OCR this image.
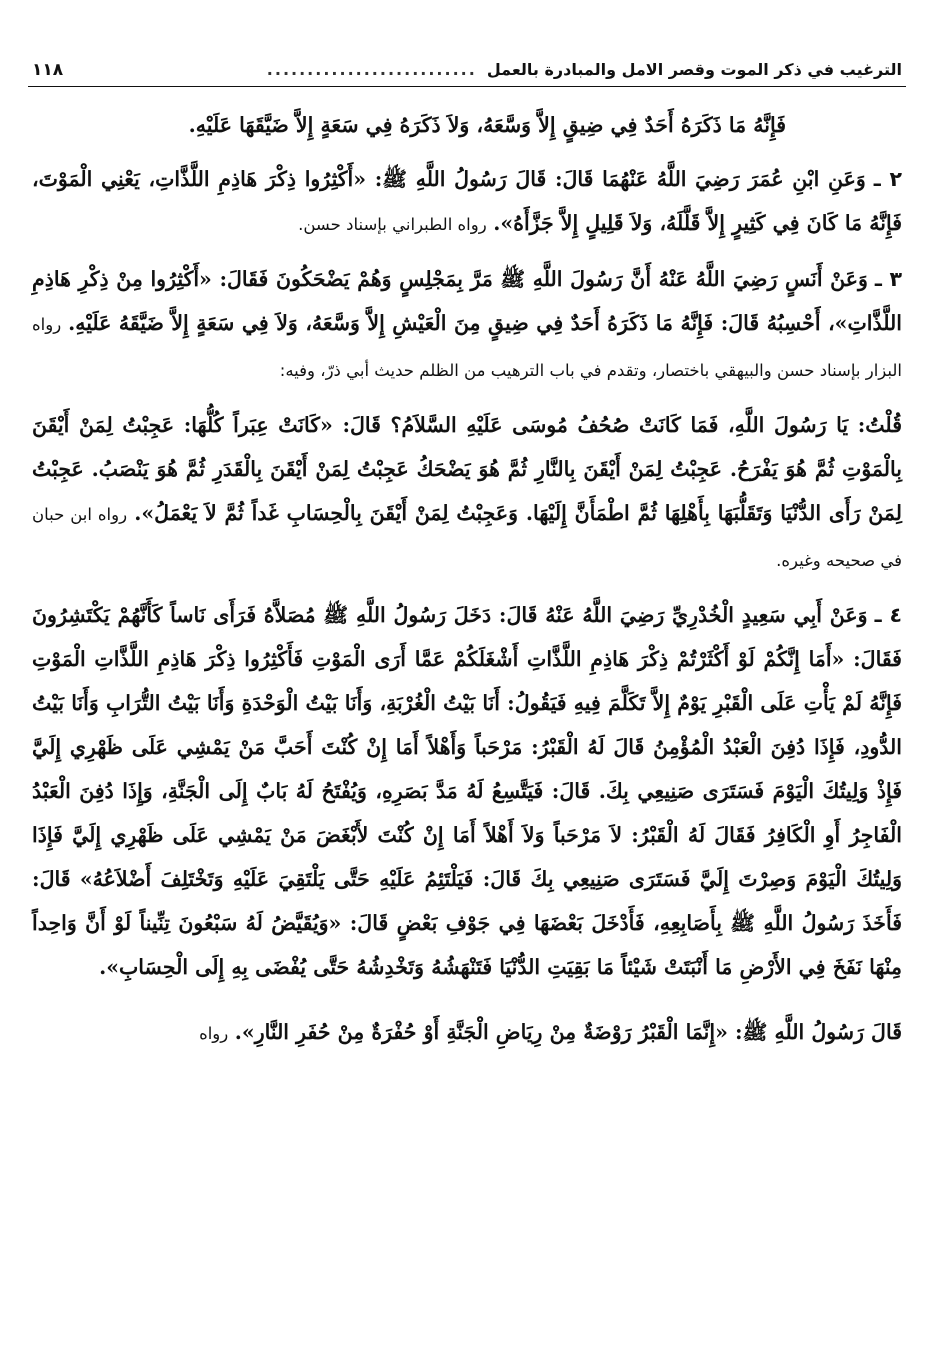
الترغيب في ذكر الموت وقصر الامل والمبادرة بالعمل
..........................
١١٨

فَإِنَّهُ مَا ذَكَرَهُ أَحَدٌ فِي ضِيقٍ إِلاَّ وَسَّعَهُ، وَلاَ ذَكَرَهُ فِي سَعَةٍ إِلاَّ ضَيَّقَهَا عَلَيْهِ.

٢ ـ وَعَنِ ابْنِ عُمَرَ رَضِيَ اللَّهُ عَنْهُمَا قَالَ: قَالَ رَسُولُ اللَّهِ ﷺ: «أَكْثِرُوا ذِكْرَ هَاذِمِ اللَّذَّاتِ، يَعْنِي الْمَوْتَ، فَإِنَّهُ مَا كَانَ فِي كَثِيرٍ إِلاَّ قَلَّلَهُ، وَلاَ قَلِيلٍ إِلاَّ جَزَّأَهُ». رواه الطبراني بإسناد حسن.

٣ ـ وَعَنْ أَنَسٍ رَضِيَ اللَّهُ عَنْهُ أَنَّ رَسُولَ اللَّهِ ﷺ مَرَّ بِمَجْلِسٍ وَهُمْ يَضْحَكُونَ فَقَالَ: «أَكْثِرُوا مِنْ ذِكْرِ هَاذِمِ اللَّذَّاتِ»، أَحْسِبُهُ قَالَ: فَإِنَّهُ مَا ذَكَرَهُ أَحَدٌ فِي ضِيقٍ مِنَ الْعَيْشِ إِلاَّ وَسَّعَهُ، وَلاَ فِي سَعَةٍ إِلاَّ ضَيَّقَهُ عَلَيْهِ. رواه البزار بإسناد حسن والبيهقي باختصار، وتقدم في باب الترهيب من الظلم حديث أبي ذرّ، وفيه:

قُلْتُ: يَا رَسُولَ اللَّهِ، فَمَا كَانَتْ صُحُفُ مُوسَى عَلَيْهِ السَّلاَمُ؟ قَالَ: «كَانَتْ عِبَراً كُلُّهَا: عَجِبْتُ لِمَنْ أَيْقَنَ بِالْمَوْتِ ثُمَّ هُوَ يَفْرَحُ. عَجِبْتُ لِمَنْ أَيْقَنَ بِالنَّارِ ثُمَّ هُوَ يَضْحَكُ عَجِبْتُ لِمَنْ أَيْقَنَ بِالْقَدَرِ ثُمَّ هُوَ يَنْصَبُ. عَجِبْتُ لِمَنْ رَأَى الدُّنْيَا وَتَقَلُّبَهَا بِأَهْلِهَا ثُمَّ اطْمَأَنَّ إِلَيْهَا. وَعَجِبْتُ لِمَنْ أَيْقَنَ بِالْحِسَابِ غَداً ثُمَّ لاَ يَعْمَلُ». رواه ابن حبان في صحيحه وغيره.

٤ ـ وَعَنْ أَبِي سَعِيدٍ الْخُدْرِيِّ رَضِيَ اللَّهُ عَنْهُ قَالَ: دَخَلَ رَسُولُ اللَّهِ ﷺ مُصَلاَّهُ فَرَأَى نَاساً كَأَنَّهُمْ يَكْتَشِرُونَ فَقَالَ: «أَمَا إِنَّكُمْ لَوْ أَكْثَرْتُمْ ذِكْرَ هَاذِمِ اللَّذَّاتِ أَشْغَلَكُمْ عَمَّا أَرَى الْمَوْتِ فَأَكْثِرُوا ذِكْرَ هَاذِمِ اللَّذَّاتِ الْمَوْتِ فَإِنَّهُ لَمْ يَأْتِ عَلَى الْقَبْرِ يَوْمٌ إِلاَّ تَكَلَّمَ فِيهِ فَيَقُولُ: أَنَا بَيْتُ الْغُرْبَةِ، وَأَنَا بَيْتُ الْوَحْدَةِ وَأَنَا بَيْتُ التُّرَابِ وَأَنَا بَيْتُ الدُّودِ، فَإِذَا دُفِنَ الْعَبْدُ الْمُؤْمِنُ قَالَ لَهُ الْقَبْرُ: مَرْحَباً وَأَهْلاً أَمَا إِنْ كُنْتَ أَحَبَّ مَنْ يَمْشِي عَلَى ظَهْرِي إِلَيَّ فَإِذْ وَلِيتُكَ الْيَوْمَ فَسَتَرَى صَنِيعِي بِكَ. قَالَ: فَيَتَّسِعُ لَهُ مَدَّ بَصَرِهِ، وَيُفْتَحُ لَهُ بَابٌ إِلَى الْجَنَّةِ، وَإِذَا دُفِنَ الْعَبْدُ الْفَاجِرُ أَوِ الْكَافِرُ فَقَالَ لَهُ الْقَبْرُ: لاَ مَرْحَباً وَلاَ أَهْلاً أَمَا إِنْ كُنْتَ لأَبْغَضَ مَنْ يَمْشِي عَلَى ظَهْرِي إِلَيَّ فَإِذَا وَلِيتُكَ الْيَوْمَ وَصِرْتَ إِلَيَّ فَسَتَرَى صَنِيعِي بِكَ قَالَ: فَيَلْتَئِمُ عَلَيْهِ حَتَّى يَلْتَقِيَ عَلَيْهِ وَتَخْتَلِفَ أَضْلاَعُهُ» قَالَ: فَأَخَذَ رَسُولُ اللَّهِ ﷺ بِأَصَابِعِهِ، فَأَدْخَلَ بَعْضَهَا فِي جَوْفِ بَعْضٍ قَالَ: «وَيُقَيَّضُ لَهُ سَبْعُونَ تِنِّيناً لَوْ أَنَّ وَاحِداً مِنْهَا نَفَخَ فِي الأَرْضِ مَا أَنْبَتَتْ شَيْئاً مَا بَقِيَتِ الدُّنْيَا فَتَنْهَشُهُ وَتَخْدِشُهُ حَتَّى يُفْضَى بِهِ إِلَى الْحِسَابِ».

قَالَ رَسُولُ اللَّهِ ﷺ: «إِنَّمَا الْقَبْرُ رَوْضَةٌ مِنْ رِيَاضِ الْجَنَّةِ أَوْ حُفْرَةٌ مِنْ حُفَرِ النَّارِ». رواه
